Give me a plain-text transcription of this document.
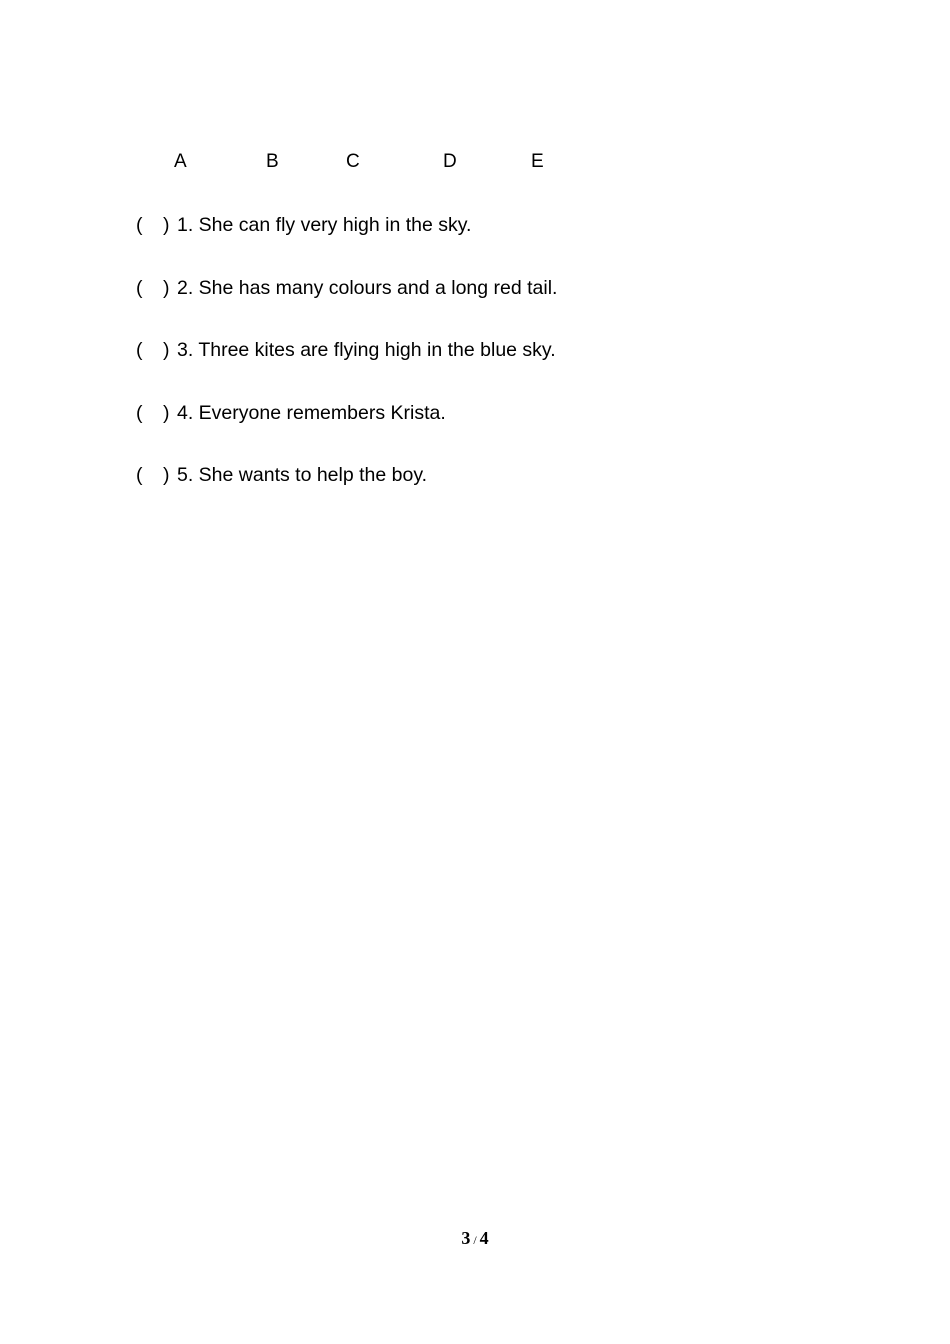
A	B	C	D	E
( ) 1. She can fly very high in the sky.
( ) 2. She has many colours and a long red tail.
( ) 3. Three kites are flying high in the blue sky.
( ) 4. Everyone remembers Krista.
( ) 5. She wants to help the boy.
3 / 4
